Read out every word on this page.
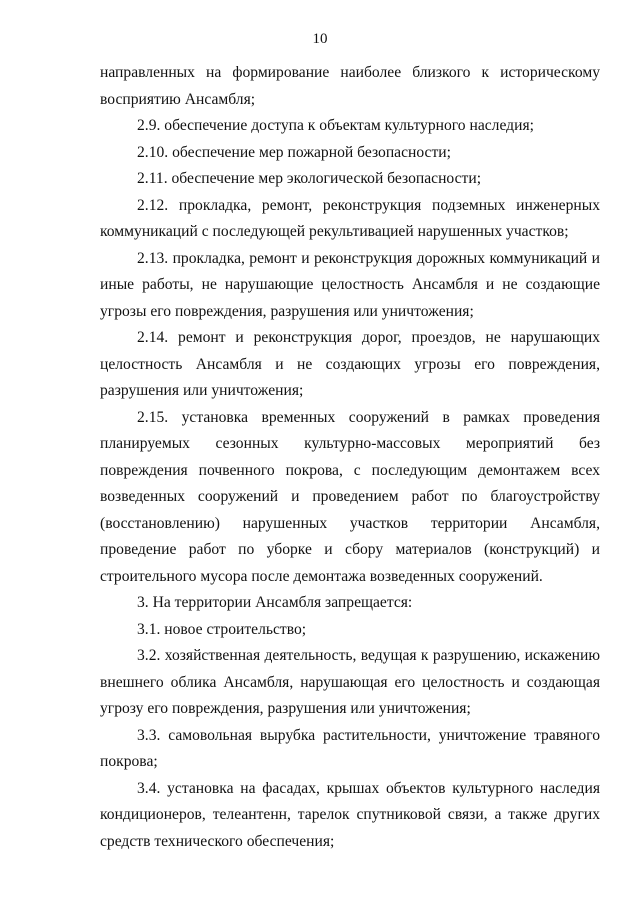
10

направленных на формирование наиболее близкого к историческому восприятию Ансамбля;

2.9. обеспечение доступа к объектам культурного наследия;

2.10. обеспечение мер пожарной безопасности;

2.11. обеспечение мер экологической безопасности;

2.12. прокладка, ремонт, реконструкция подземных инженерных коммуникаций с последующей рекультивацией нарушенных участков;

2.13. прокладка, ремонт и реконструкция дорожных коммуникаций и иные работы, не нарушающие целостность Ансамбля и не создающие угрозы его повреждения, разрушения или уничтожения;

2.14. ремонт и реконструкция дорог, проездов, не нарушающих целостность Ансамбля и не создающих угрозы его повреждения, разрушения или уничтожения;

2.15. установка временных сооружений в рамках проведения планируемых сезонных культурно-массовых мероприятий без повреждения почвенного покрова, с последующим демонтажем всех возведенных сооружений и проведением работ по благоустройству (восстановлению) нарушенных участков территории Ансамбля, проведение работ по уборке и сбору материалов (конструкций) и строительного мусора после демонтажа возведенных сооружений.

3. На территории Ансамбля запрещается:

3.1. новое строительство;

3.2. хозяйственная деятельность, ведущая к разрушению, искажению внешнего облика Ансамбля, нарушающая его целостность и создающая угрозу его повреждения, разрушения или уничтожения;

3.3. самовольная вырубка растительности, уничтожение травяного покрова;

3.4. установка на фасадах, крышах объектов культурного наследия кондиционеров, телеантенн, тарелок спутниковой связи, а также других средств технического обеспечения;
